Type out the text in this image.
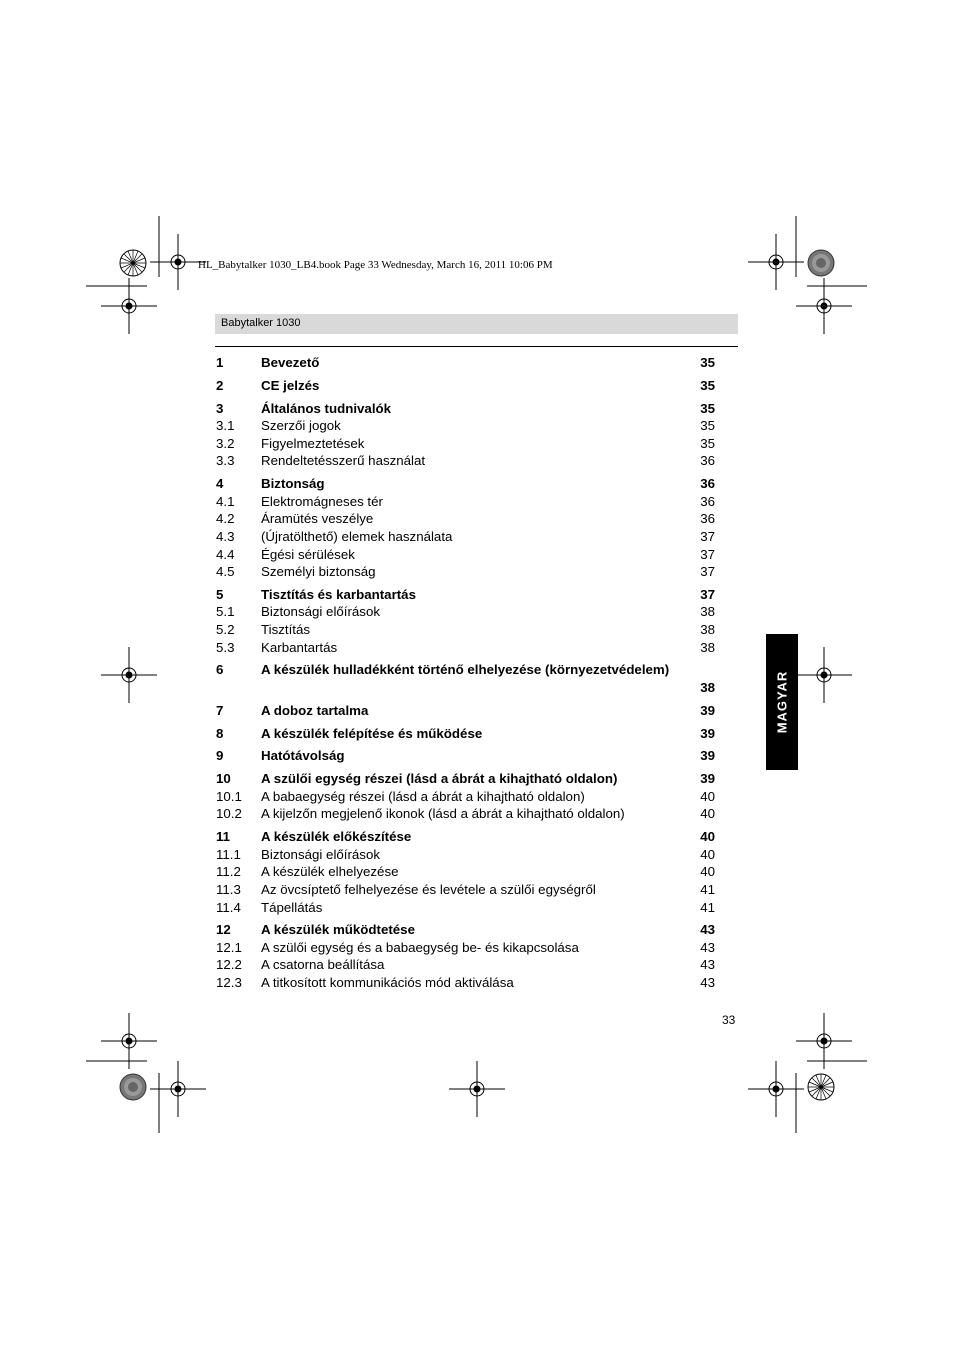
HL_Babytalker 1030_LB4.book Page 33 Wednesday, March 16, 2011 10:06 PM
Babytalker 1030
1	Bevezető	35
2	CE jelzés	35
3	Általános tudnivalók	35
3.1 Szerzői jogok	35
3.2 Figyelmeztetések	35
3.3 Rendeltetésszerű használat	36
4	Biztonság	36
4.1 Elektromágneses tér	36
4.2 Áramütés veszélye	36
4.3 (Újratölthető) elemek használata	37
4.4 Égési sérülések	37
4.5 Személyi biztonság	37
5	Tisztítás és karbantartás	37
5.1 Biztonsági előírások	38
5.2 Tisztítás	38
5.3 Karbantartás	38
6	A készülék hulladékként történő elhelyezése (környezetvédelem)
38
7	A doboz tartalma	39
8	A készülék felépítése és működése	39
9	Hatótávolság	39
10 A szülői egység részei (lásd a ábrát a kihajtható oldalon)	39
10.1 A babaegység részei (lásd a ábrát a kihajtható oldalon)	40
10.2 A kijelzőn megjelenő ikonok (lásd a ábrát a kihajtható oldalon)	40
11 A készülék előkészítése	40
11.1 Biztonsági előírások	40
11.2 A készülék elhelyezése	40
11.3 Az övcsíptető felhelyezése és levétele a szülői egységről	41
11.4 Tápellátás	41
12 A készülék működtetése	43
12.1 A szülői egység és a babaegység be- és kikapcsolása	43
12.2 A csatorna beállítása	43
12.3 A titkosított kommunikációs mód aktiválása	43
MAGYAR
33
